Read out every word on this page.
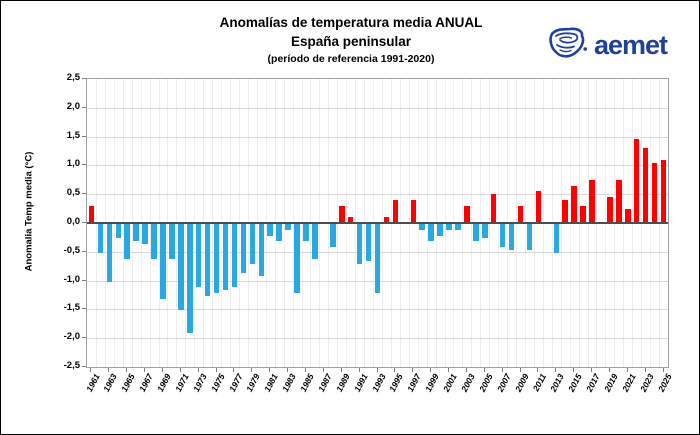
Anomalías de temperatura media ANUAL
España peninsular
(período de referencia 1991-2020)	aemet
Anomalia Temp media (°C)
2,5
2,0
1,5
1,0
0,5
0,0
-0,5
-1,0
-1,5
-2,0
-2,5
1961 1963 1965 1967 1969 1971 1973 1975 1977 1979 1981 1983 1985 1987 1989 1991 1993 1995 1997 1999 2001 2003 2005 2007 2009 2011 2013 2015 2017 2019 2021 2023 2025
